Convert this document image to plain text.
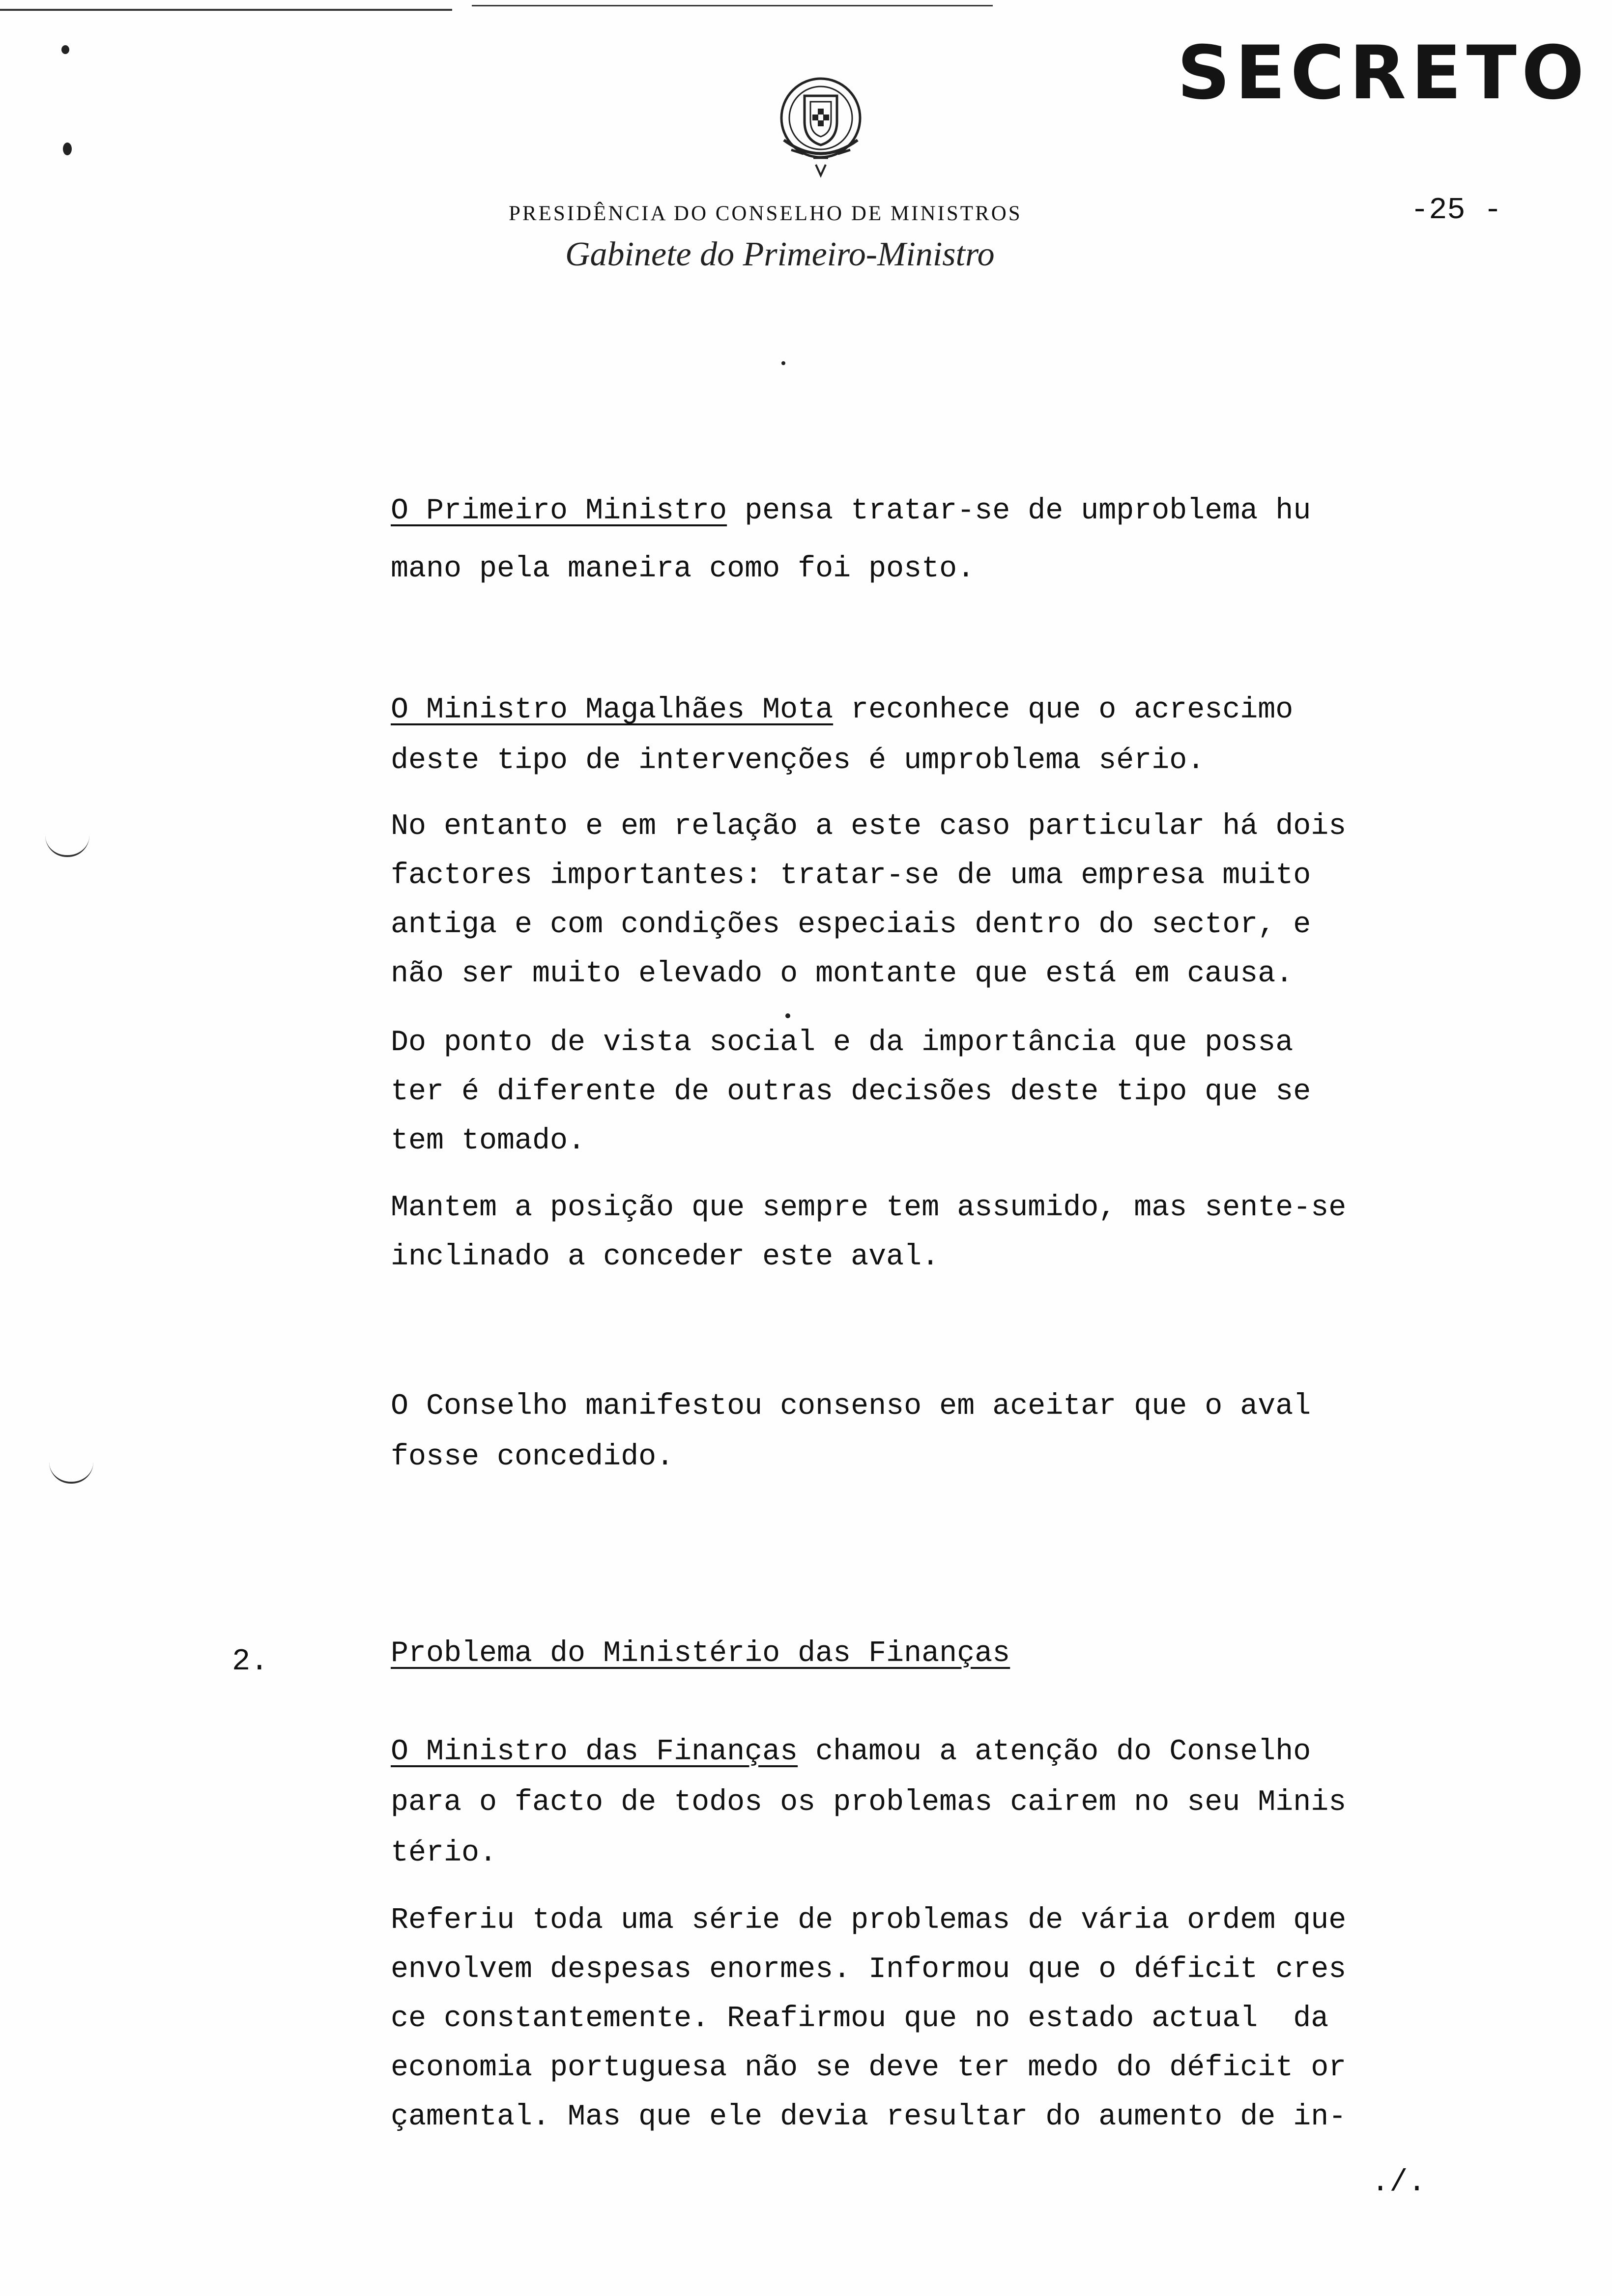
SECRETO
PRESIDÊNCIA DO CONSELHO DE MINISTROS
Gabinete do Primeiro-Ministro
-25 -
O Primeiro Ministro pensa tratar-se de umproblema hu
mano pela maneira como foi posto.
O Ministro Magalhães Mota reconhece que o acrescimo
deste tipo de intervenções é umproblema sério.
No entanto e em relação a este caso particular há dois
factores importantes: tratar-se de uma empresa muito
antiga e com condições especiais dentro do sector, e
não ser muito elevado o montante que está em causa.
Do ponto de vista social e da importância que possa
ter é diferente de outras decisões deste tipo que se
tem tomado.
Mantem a posição que sempre tem assumido, mas sente-se
inclinado a conceder este aval.
O Conselho manifestou consenso em aceitar que o aval
fosse concedido.
2.	Problema do Ministério das Finanças
O Ministro das Finanças chamou a atenção do Conselho
para o facto de todos os problemas cairem no seu Minis
tério.
Referiu toda uma série de problemas de vária ordem que
envolvem despesas enormes. Informou que o déficit cres
ce constantemente. Reafirmou que no estado actual  da
economia portuguesa não se deve ter medo do déficit or
çamental. Mas que ele devia resultar do aumento de in-
./.
